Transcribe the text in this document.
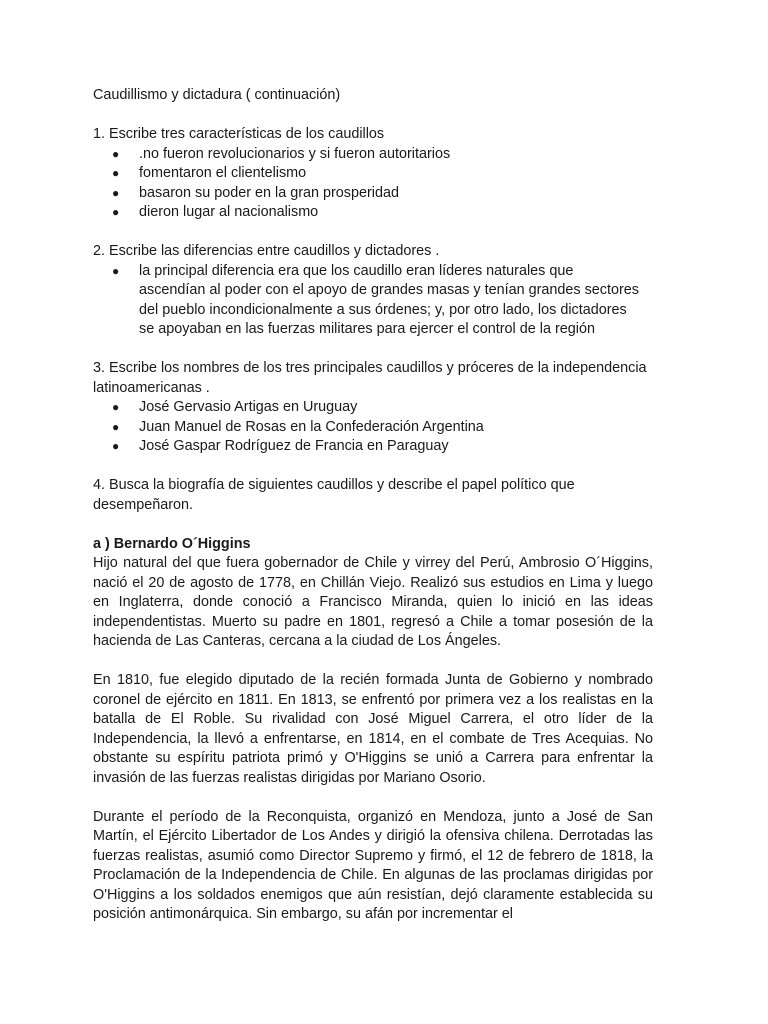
Caudillismo y dictadura ( continuación)
1. Escribe tres características de los caudillos
● .no fueron revolucionarios y si fueron autoritarios
● fomentaron el clientelismo
● basaron su poder en la gran prosperidad
● dieron lugar al nacionalismo
2. Escribe las diferencias entre caudillos y dictadores .
● la principal diferencia era que los caudillo eran líderes naturales que ascendían al poder con el apoyo de grandes masas y tenían grandes sectores del pueblo incondicionalmente a sus órdenes; y, por otro lado, los dictadores se apoyaban en las fuerzas militares para ejercer el control de la región
3. Escribe los nombres de los tres principales caudillos y próceres de la independencia latinoamericanas .
● José Gervasio Artigas en Uruguay
● Juan Manuel de Rosas en la Confederación Argentina
● José Gaspar Rodríguez de Francia en Paraguay
4. Busca la biografía de siguientes caudillos y describe el papel político que desempeñaron.
a ) Bernardo O´Higgins
Hijo natural del que fuera gobernador de Chile y virrey del Perú, Ambrosio O´Higgins, nació el 20 de agosto de 1778, en Chillán Viejo. Realizó sus estudios en Lima y luego en Inglaterra, donde conoció a Francisco Miranda, quien lo inició en las ideas independentistas. Muerto su padre en 1801, regresó a Chile a tomar posesión de la hacienda de Las Canteras, cercana a la ciudad de Los Ángeles.
En 1810, fue elegido diputado de la recién formada Junta de Gobierno y nombrado coronel de ejército en 1811. En 1813, se enfrentó por primera vez a los realistas en la batalla de El Roble. Su rivalidad con José Miguel Carrera, el otro líder de la Independencia, la llevó a enfrentarse, en 1814, en el combate de Tres Acequias. No obstante su espíritu patriota primó y O'Higgins se unió a Carrera para enfrentar la invasión de las fuerzas realistas dirigidas por Mariano Osorio.
Durante el período de la Reconquista, organizó en Mendoza, junto a José de San Martín, el Ejército Libertador de Los Andes y dirigió la ofensiva chilena. Derrotadas las fuerzas realistas, asumió como Director Supremo y firmó, el 12 de febrero de 1818, la Proclamación de la Independencia de Chile. En algunas de las proclamas dirigidas por O'Higgins a los soldados enemigos que aún resistían, dejó claramente establecida su posición antimonárquica. Sin embargo, su afán por incrementar el
